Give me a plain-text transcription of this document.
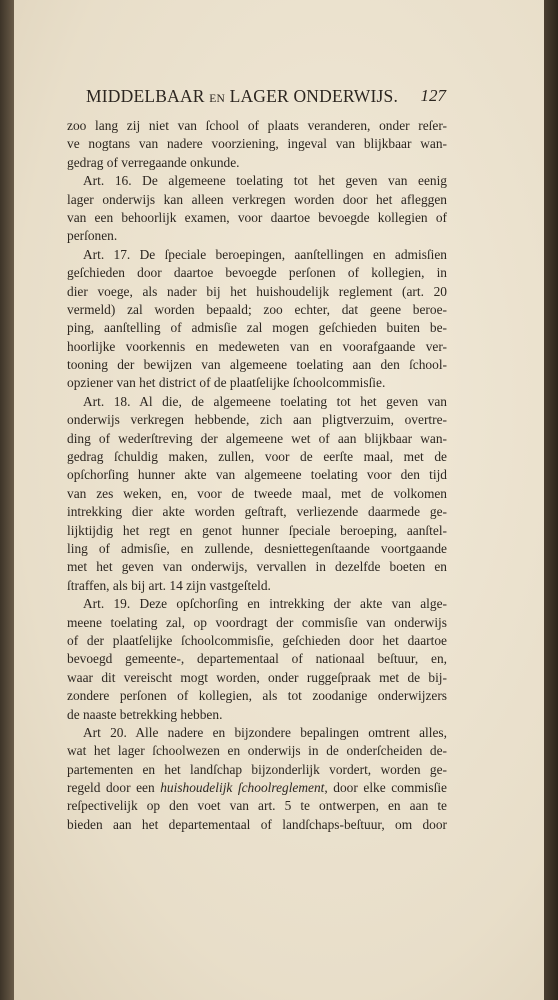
MIDDELBAAR EN LAGER ONDERWIJS. 127
zoo lang zij niet van ſchool of plaats veranderen, onder reſer-
ve nogtans van nadere voorziening, ingeval van blijkbaar wan-
gedrag of verregaande onkunde.
Art. 16. De algemeene toelating tot het geven van eenig
lager onderwijs kan alleen verkregen worden door het afleggen
van een behoorlijk examen, voor daartoe bevoegde kollegien of
perſonen.
Art. 17. De ſpeciale beroepingen, aanſtellingen en admisſien
geſchieden door daartoe bevoegde perſonen of kollegien, in
dier voege, als nader bij het huishoudelijk reglement (art. 20
vermeld) zal worden bepaald; zoo echter, dat geene beroe-
ping, aanſtelling of admisſie zal mogen geſchieden buiten be-
hoorlijke voorkennis en medeweten van en voorafgaande ver-
tooning der bewijzen van algemeene toelating aan den ſchool-
opziener van het district of de plaatſelijke ſchoolcommisſie.
Art. 18. Al die, de algemeene toelating tot het geven van
onderwijs verkregen hebbende, zich aan pligtverzuim, overtre-
ding of wederſtreving der algemeene wet of aan blijkbaar wan-
gedrag ſchuldig maken, zullen, voor de eerſte maal, met de
opſchorſing hunner akte van algemeene toelating voor den tijd
van zes weken, en, voor de tweede maal, met de volkomen
intrekking dier akte worden geſtraft, verliezende daarmede ge-
lijktijdig het regt en genot hunner ſpeciale beroeping, aanſtel-
ling of admisſie, en zullende, desniettegenſtaande voortgaande
met het geven van onderwijs, vervallen in dezelfde boeten en
ſtraffen, als bij art. 14 zijn vastgeſteld.
Art. 19. Deze opſchorſing en intrekking der akte van alge-
meene toelating zal, op voordragt der commisſie van onderwijs
of der plaatſelijke ſchoolcommisſie, geſchieden door het daartoe
bevoegd gemeente-, departementaal of nationaal beſtuur, en,
waar dit vereischt mogt worden, onder ruggeſpraak met de bij-
zondere perſonen of kollegien, als tot zoodanige onderwijzers
de naaste betrekking hebben.
Art 20. Alle nadere en bijzondere bepalingen omtrent alles,
wat het lager ſchoolwezen en onderwijs in de onderſcheiden de-
partementen en het landſchap bijzonderlijk vordert, worden ge-
regeld door een huishoudelijk ſchoolreglement, door elke commisſie
reſpectivelijk op den voet van art. 5 te ontwerpen, en aan te
bieden aan het departementaal of landſchaps-beſtuur, om door
